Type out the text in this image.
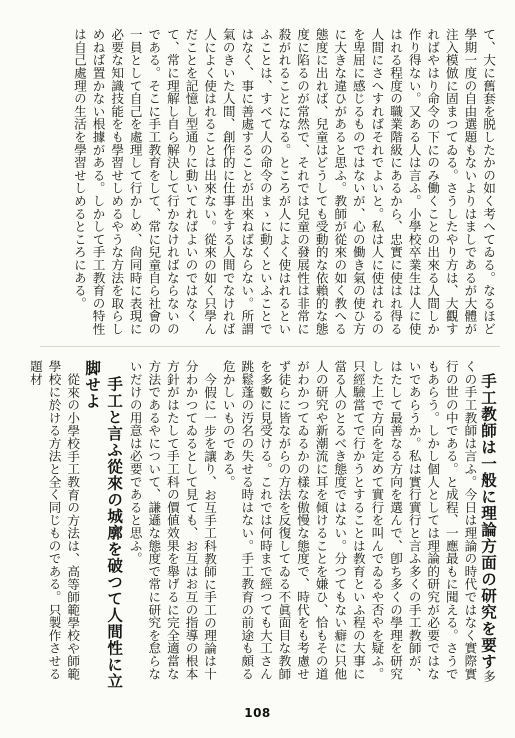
て、大に舊套を脱したかの如く考へてゐる。なるほど學期一度の自由選題もないよりはましであるが大體が注入模倣に固まつてゐる。さうしたやり方は、大觀すればやはり命令の下にのみ働くことの出來る人間しか作り得ない。又ある人は言ふ。小學校卒業生は人に使はれる程度の職業階級にあるから、忠實に使はれ得る人間にさへすればそれでよいと。私は人に使はれるのを卑屈に感じるものではないが、心の働き氣の使ひ方に大きな違ひがあると思ふ。教師が從來の如く教へる態度に出れば、兒童はどうしても受動的な依賴的な態度に陷るのが常然で、それでは兒童の發展性は非常に殺がれることになる。ところが人によく使はれるといふことは、すべて人の命令のまゝに動くといふことではなく、事に善處することが出來ねばならない。所謂氣のきいた人間、創作的に仕事をする人間でなければ人によく使はれることは出來ない。從來の如く只學んだことを記憶し型通りに動いてればよいのではなくて、常に理解し自ら解決して行かなければならないのである。そこに手工教育をして、常に兒童自ら社會の一員として自己を處理して行かしめ、尙同時に表現に必要な知識技能をも學習せしめるやうな方法を取らしめねば置かない根據がある。しかして手工教育の特性は自己處理の生活を學習せしめるところにある。

手工教師は一般に理論方面の研究を要す多くの手工教師は言ふ。今日は理論の時代ではなく實際實行の世の中である。と成程、一應最もに聞える。さうでもあらう。しかし個人としては理論的研究が必要ではないであらうか。私は實行實行と言ふ多くの手工教師が、はたして最善なる方向を選んで、卽ち多くの學理を研究した上で方向を定めて實行を叫んでゐるや否やを疑ふ。只經驗當てで行かうとすることは教育といふ程の大事に當る人のとるべき態度ではない。分つてもない癖に只他人の研究や新潮流に耳を傾けることを嫌ひ、恰もその道がわかつてゐるかの樣な傲慢な態度で、時代をも考慮せず徒らに皆ながらの方法を反復してゐる不眞面目な教師を多數に見受ける。これでは何時まで經つても大工さん跳鬆蓬の汚名の失せる時はない。手工教育の前途も頗る危かしいものである。

今假に一步を讓り、お互手工科教師に手工の理論は十分わかつてゐるとして見ても、お互はお互の指導の根本方針がはたして手工科の價値效果を舉げるに完全適當な方法であるやについて、謙遜な態度で常に研究を怠らないだけの用意は必要であると思ふ。

手工と言ふ從來の城廓を破つて人間性に立脚せよ

從來の小學校手工教育の方法は、高等師範學校や師範學校に於ける方法と全く同じものである。只製作させる題材

108
